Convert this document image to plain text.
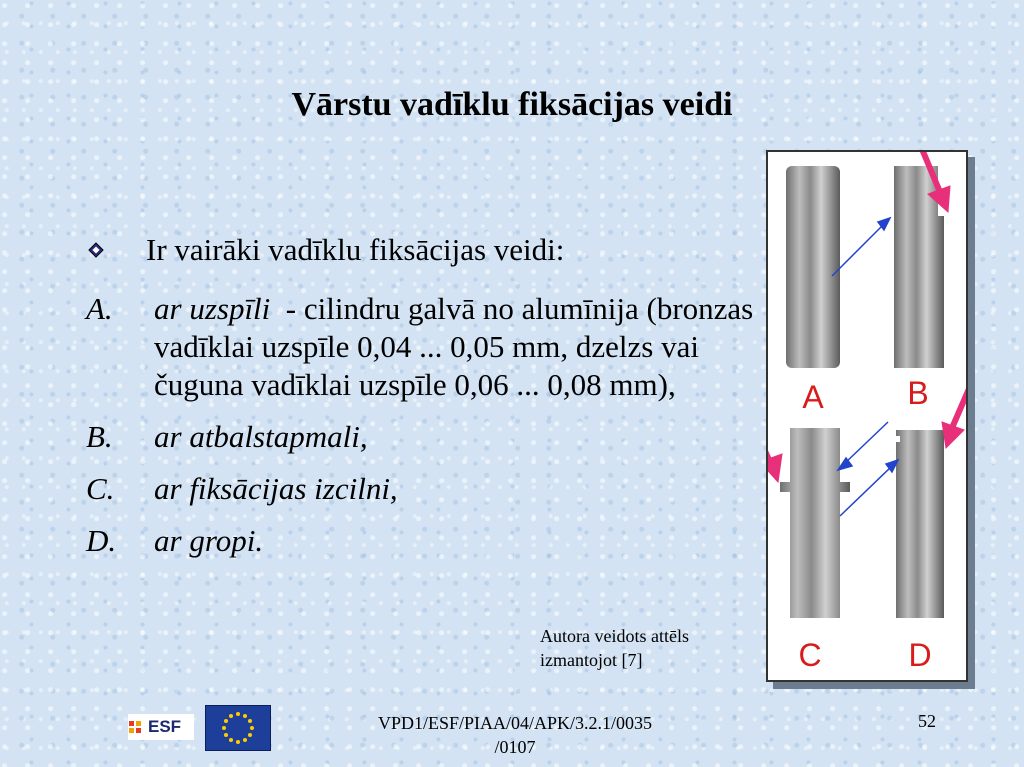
Vārstu vadīklu fiksācijas veidi
Ir vairāki vadīklu fiksācijas veidi:
A.	ar uzspīli  - cilindru galvā no alumīnija (bronzas vadīklai uzspīle 0,04 ... 0,05 mm, dzelzs vai čuguna vadīklai uzspīle 0,06 ... 0,08 mm),
B.	ar atbalstapmali,
C.	ar fiksācijas izcilni,
D.	ar gropi.
Autora veidots attēls
izmantojot [7]
A	B
C	D
ESF	VPD1/ESF/PIAA/04/APK/3.2.1/0035
/0107
52
